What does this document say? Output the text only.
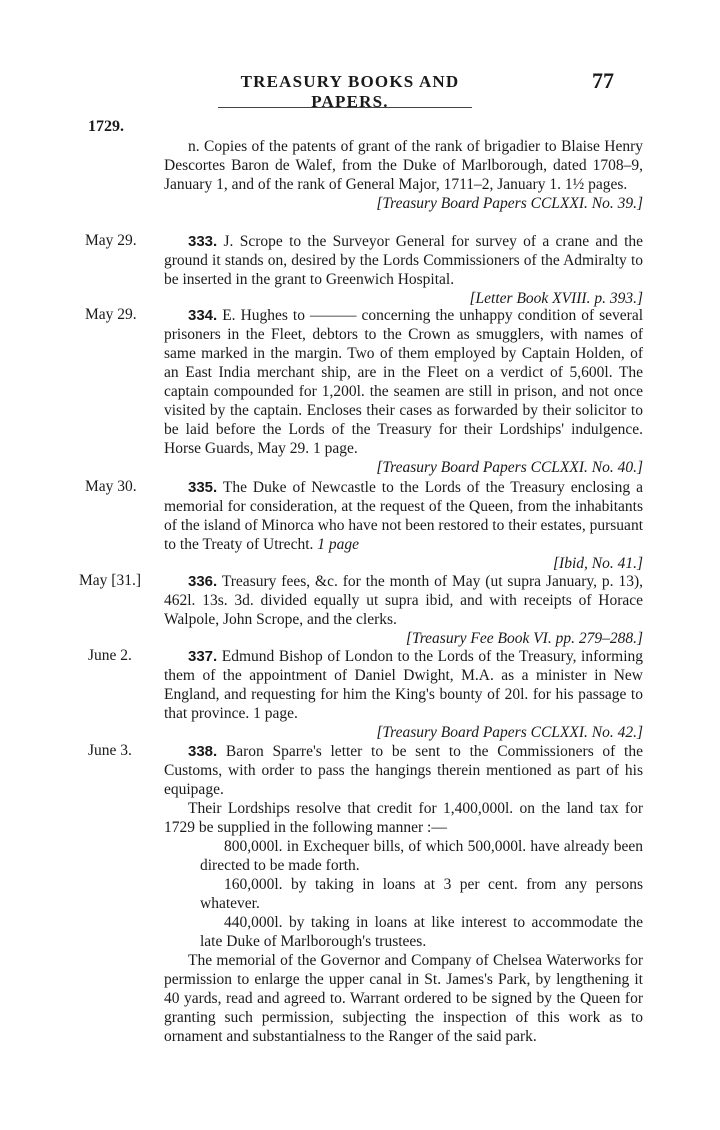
TREASURY BOOKS AND PAPERS.
77
1729.

n. Copies of the patents of grant of the rank of brigadier to Blaise Henry Descortes Baron de Walef, from the Duke of Marlborough, dated 1708–9, January 1, and of the rank of General Major, 1711–2, January 1. 1½ pages.

[Treasury Board Papers CCLXXI. No. 39.]
May 29.	333. J. Scrope to the Surveyor General for survey of a crane and the ground it stands on, desired by the Lords Commissioners of the Admiralty to be inserted in the grant to Greenwich Hospital.

[Letter Book XVIII. p. 393.]
May 29.	334. E. Hughes to ——— concerning the unhappy condition of several prisoners in the Fleet, debtors to the Crown as smugglers, with names of same marked in the margin. Two of them employed by Captain Holden, of an East India merchant ship, are in the Fleet on a verdict of 5,600l. The captain compounded for 1,200l. the seamen are still in prison, and not once visited by the captain. Encloses their cases as forwarded by their solicitor to be laid before the Lords of the Treasury for their Lordships' indulgence. Horse Guards, May 29. 1 page.

[Treasury Board Papers CCLXXI. No. 40.]
May 30.	335. The Duke of Newcastle to the Lords of the Treasury enclosing a memorial for consideration, at the request of the Queen, from the inhabitants of the island of Minorca who have not been restored to their estates, pursuant to the Treaty of Utrecht. 1 page

[Ibid, No. 41.]
May [31.]	336. Treasury fees, &c. for the month of May (ut supra January, p. 13), 462l. 13s. 3d. divided equally ut supra ibid, and with receipts of Horace Walpole, John Scrope, and the clerks.

[Treasury Fee Book VI. pp. 279–288.]
June 2.	337. Edmund Bishop of London to the Lords of the Treasury, informing them of the appointment of Daniel Dwight, M.A. as a minister in New England, and requesting for him the King's bounty of 20l. for his passage to that province. 1 page.

[Treasury Board Papers CCLXXI. No. 42.]
June 3.	338. Baron Sparre's letter to be sent to the Commissioners of the Customs, with order to pass the hangings therein mentioned as part of his equipage.

Their Lordships resolve that credit for 1,400,000l. on the land tax for 1729 be supplied in the following manner :—

800,000l. in Exchequer bills, of which 500,000l. have already been directed to be made forth.

160,000l. by taking in loans at 3 per cent. from any persons whatever.

440,000l. by taking in loans at like interest to accommodate the late Duke of Marlborough's trustees.

The memorial of the Governor and Company of Chelsea Waterworks for permission to enlarge the upper canal in St. James's Park, by lengthening it 40 yards, read and agreed to. Warrant ordered to be signed by the Queen for granting such permission, subjecting the inspection of this work as to ornament and substantialness to the Ranger of the said park.
